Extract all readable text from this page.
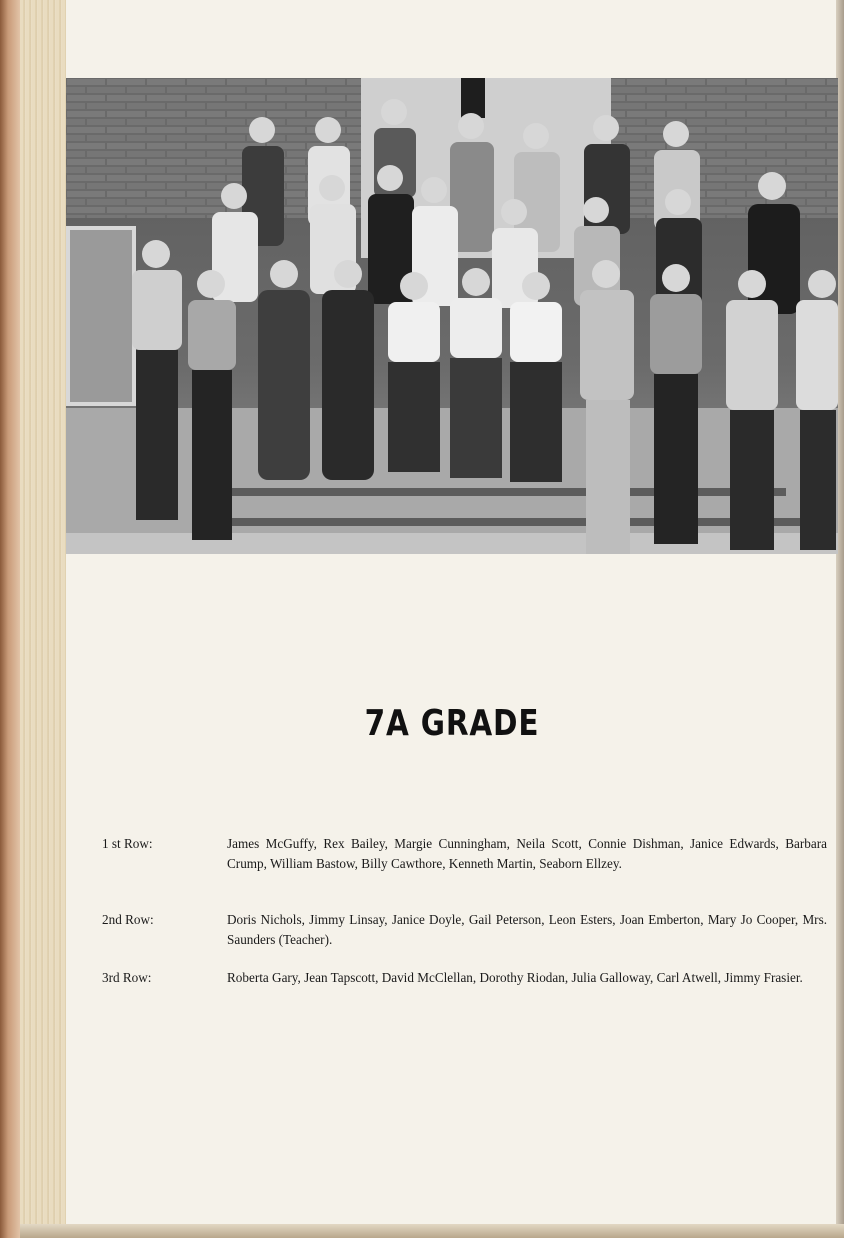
7A GRADE
1 st Row:	James McGuffy, Rex Bailey, Margie Cunningham, Neila Scott, Connie Dishman, Janice Edwards, Barbara Crump, William Bastow, Billy Cawthore, Kenneth Martin, Seaborn Ellzey.
2nd Row:	Doris Nichols, Jimmy Linsay, Janice Doyle, Gail Peterson, Leon Esters, Joan Emberton, Mary Jo Cooper, Mrs. Saunders (Teacher).
3rd Row:	Roberta Gary, Jean Tapscott, David McClellan, Dorothy Riodan, Julia Galloway, Carl Atwell, Jimmy Frasier.
